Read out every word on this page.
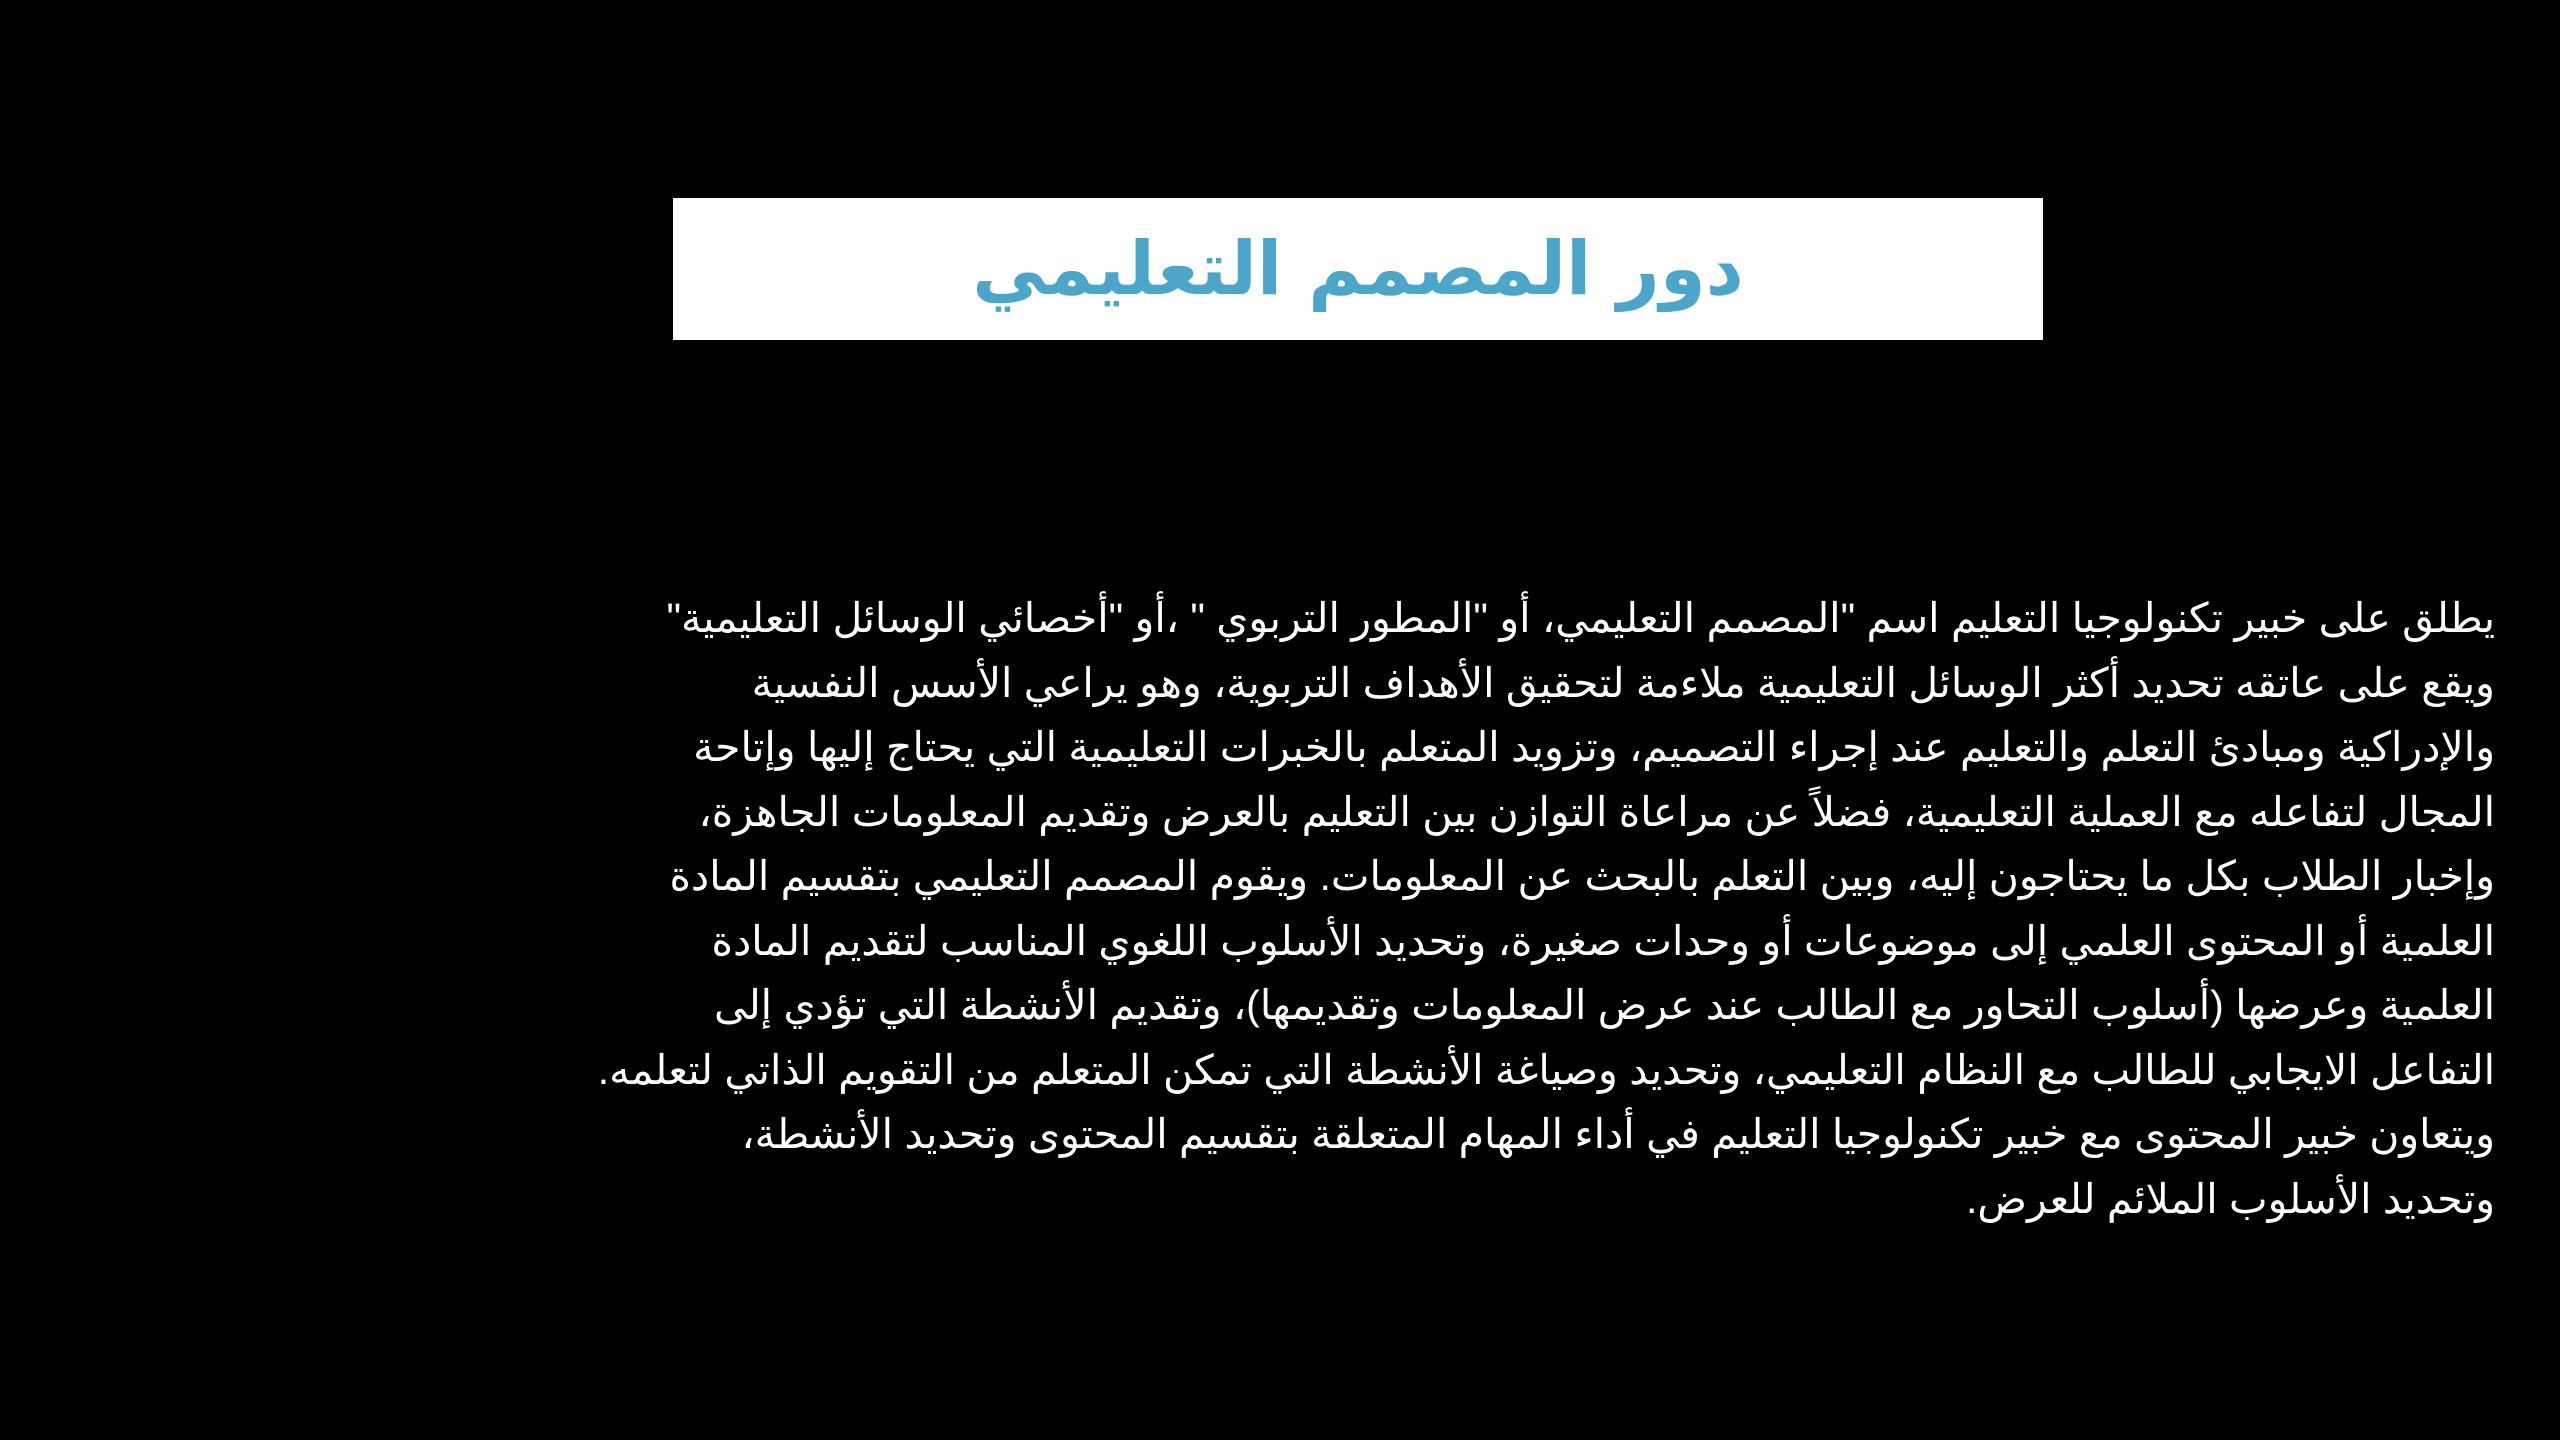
دور المصمم التعليمي
يطلق على خبير تكنولوجيا التعليم اسم "المصمم التعليمي، أو "المطور التربوي " ،أو "أخصائي الوسائل التعليمية"
ويقع على عاتقه تحديد أكثر الوسائل التعليمية ملاءمة لتحقيق الأهداف التربوية، وهو يراعي الأسس النفسية
والإدراكية ومبادئ التعلم والتعليم عند إجراء التصميم، وتزويد المتعلم بالخبرات التعليمية التي يحتاج إليها وإتاحة
المجال لتفاعله مع العملية التعليمية، فضلاً عن مراعاة التوازن بين التعليم بالعرض وتقديم المعلومات الجاهزة،
وإخبار الطلاب بكل ما يحتاجون إليه، وبين التعلم بالبحث عن المعلومات. ويقوم المصمم التعليمي بتقسيم المادة
العلمية أو المحتوى العلمي إلى موضوعات أو وحدات صغيرة، وتحديد الأسلوب اللغوي المناسب لتقديم المادة
العلمية وعرضها (أسلوب التحاور مع الطالب عند عرض المعلومات وتقديمها)، وتقديم الأنشطة التي تؤدي إلى
التفاعل الايجابي للطالب مع النظام التعليمي، وتحديد وصياغة الأنشطة التي تمكن المتعلم من التقويم الذاتي لتعلمه.
ويتعاون خبير المحتوى مع خبير تكنولوجيا التعليم في أداء المهام المتعلقة بتقسيم المحتوى وتحديد الأنشطة،
وتحديد الأسلوب الملائم للعرض.
